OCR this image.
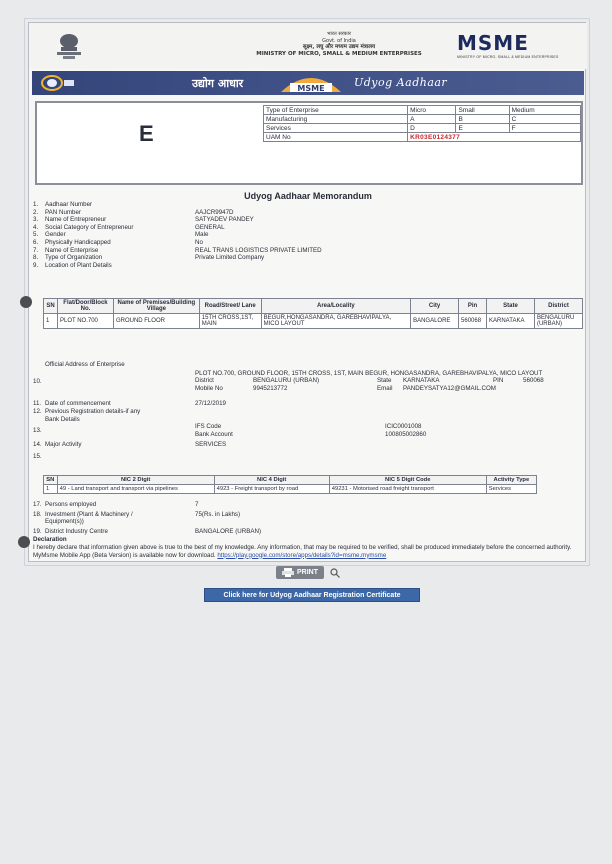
भारत सरकार
Govt. of India
सूक्ष्म, लघु और मध्यम उद्यम मंत्रालय
MINISTRY OF MICRO, SMALL & MEDIUM ENTERPRISES	MSME
MINISTRY OF MICRO, SMALL & MEDIUM ENTERPRISES
उद्योग आधार	MSME	Udyog Aadhaar
E
Type of Enterprise	Micro	Small	Medium
Manufacturing	A	B	C
Services	D	E	F
UAM No	KR03E0124377		
Udyog Aadhaar Memorandum
1.	Aadhaar Number
2.	PAN Number	AAJCR9947D
3.	Name of Entrepreneur	SATYADEV PANDEY
4.	Social Category of Entrepreneur	GENERAL
5.	Gender	Male
6.	Physically Handicapped	No
7.	Name of Enterprise	REAL TRANS LOGISTICS PRIVATE LIMITED
8.	Type of Organization	Private Limited Company
9.	Location of Plant Details
SN	Flat/Door/Block No.	Name of Premises/Building Village	Road/Street/ Lane	Area/Locality	City	Pin	State	District
1	PLOT NO.700	GROUND FLOOR	15TH CROSS,1ST, MAIN	BEGUR,HONGASANDRA, GAREBHAVIPALYA, MICO LAYOUT	BANGALORE	560068	KARNATAKA	BENGALURU (URBAN)
Official Address of Enterprise
10.
PLOT NO.700, GROUND FLOOR, 15TH CROSS, 1ST, MAIN BEGUR, HONGASANDRA, GAREBHAVIPALYA, MICO LAYOUT
District	BENGALURU (URBAN)	State	KARNATAKA	PIN	560068
Mobile No	9945213772	Email	PANDEYSATYA12@GMAIL.COM
11. Date of commencement	27/12/2019
12. Previous Registration details-if any
Bank Details
13.
IFS Code	ICIC0001008
Bank Account	100805002860
14. Major Activity	SERVICES
15.
SN	NIC 2 Digit	NIC 4 Digit	NIC 5 Digit Code	Activity Type
1	49 - Land transport and transport via pipelines	4923 - Freight transport by road	49231 - Motorised road freight transport	Services
17. Persons employed	7
18. Investment (Plant & Machinery / Equipment(s))
75(Rs. in Lakhs)
19. District Industry Centre	BANGALORE (URBAN)
Declaration
I hereby declare that information given above is true to the best of my knowledge. Any information, that may be required to be verified, shall be produced immediately before the concerned authority.
MyMsme Mobile App (Beta Version) is available now for download. https://play.google.com/store/apps/details?id=msme.mymsme
PRINT
Click here for Udyog Aadhaar Registration Certificate
